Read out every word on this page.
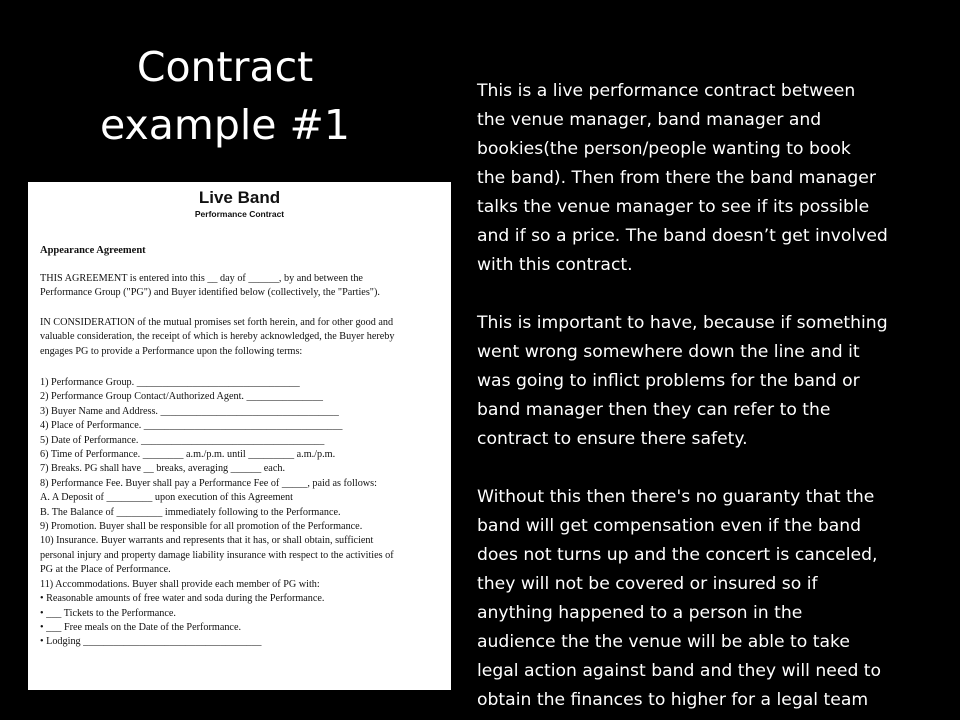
Contract
example #1
Live Band
Performance Contract
Appearance Agreement
THIS AGREEMENT is entered into this __ day of ______, by and between the
Performance Group ("PG") and Buyer identified below (collectively, the "Parties").
IN CONSIDERATION of the mutual promises set forth herein, and for other good and
valuable consideration, the receipt of which is hereby acknowledged, the Buyer hereby
engages PG to provide a Performance upon the following terms:
1) Performance Group. ________________________________
2) Performance Group Contact/Authorized Agent. _______________
3) Buyer Name and Address. ___________________________________
4) Place of Performance. _______________________________________
5) Date of Performance. ____________________________________
6) Time of Performance. ________ a.m./p.m. until _________ a.m./p.m.
7) Breaks. PG shall have __ breaks, averaging ______ each.
8) Performance Fee. Buyer shall pay a Performance Fee of _____, paid as follows:
A. A Deposit of _________ upon execution of this Agreement
B. The Balance of _________ immediately following to the Performance.
9) Promotion. Buyer shall be responsible for all promotion of the Performance.
10) Insurance. Buyer warrants and represents that it has, or shall obtain, sufficient
personal injury and property damage liability insurance with respect to the activities of
PG at the Place of Performance.
11) Accommodations. Buyer shall provide each member of PG with:
• Reasonable amounts of free water and soda during the Performance.
• ___ Tickets to the Performance.
• ___ Free meals on the Date of the Performance.
• Lodging ___________________________________

This is a live performance contract between
the venue manager, band manager and
bookies(the person/people wanting to book
the band). Then from there the band manager
talks the venue manager to see if its possible
and if so a price. The band doesn’t get involved
with this contract.

This is important to have, because if something
went wrong somewhere down the line and it
was going to inflict problems for the band or
band manager then they can refer to the
contract to ensure there safety.

Without this then there's no guaranty that the
band will get compensation even if the band
does not turns up and the concert is canceled,
they will not be covered or insured so if
anything happened to a person in the
audience the the venue will be able to take
legal action against band and they will need to
obtain the finances to higher for a legal team
